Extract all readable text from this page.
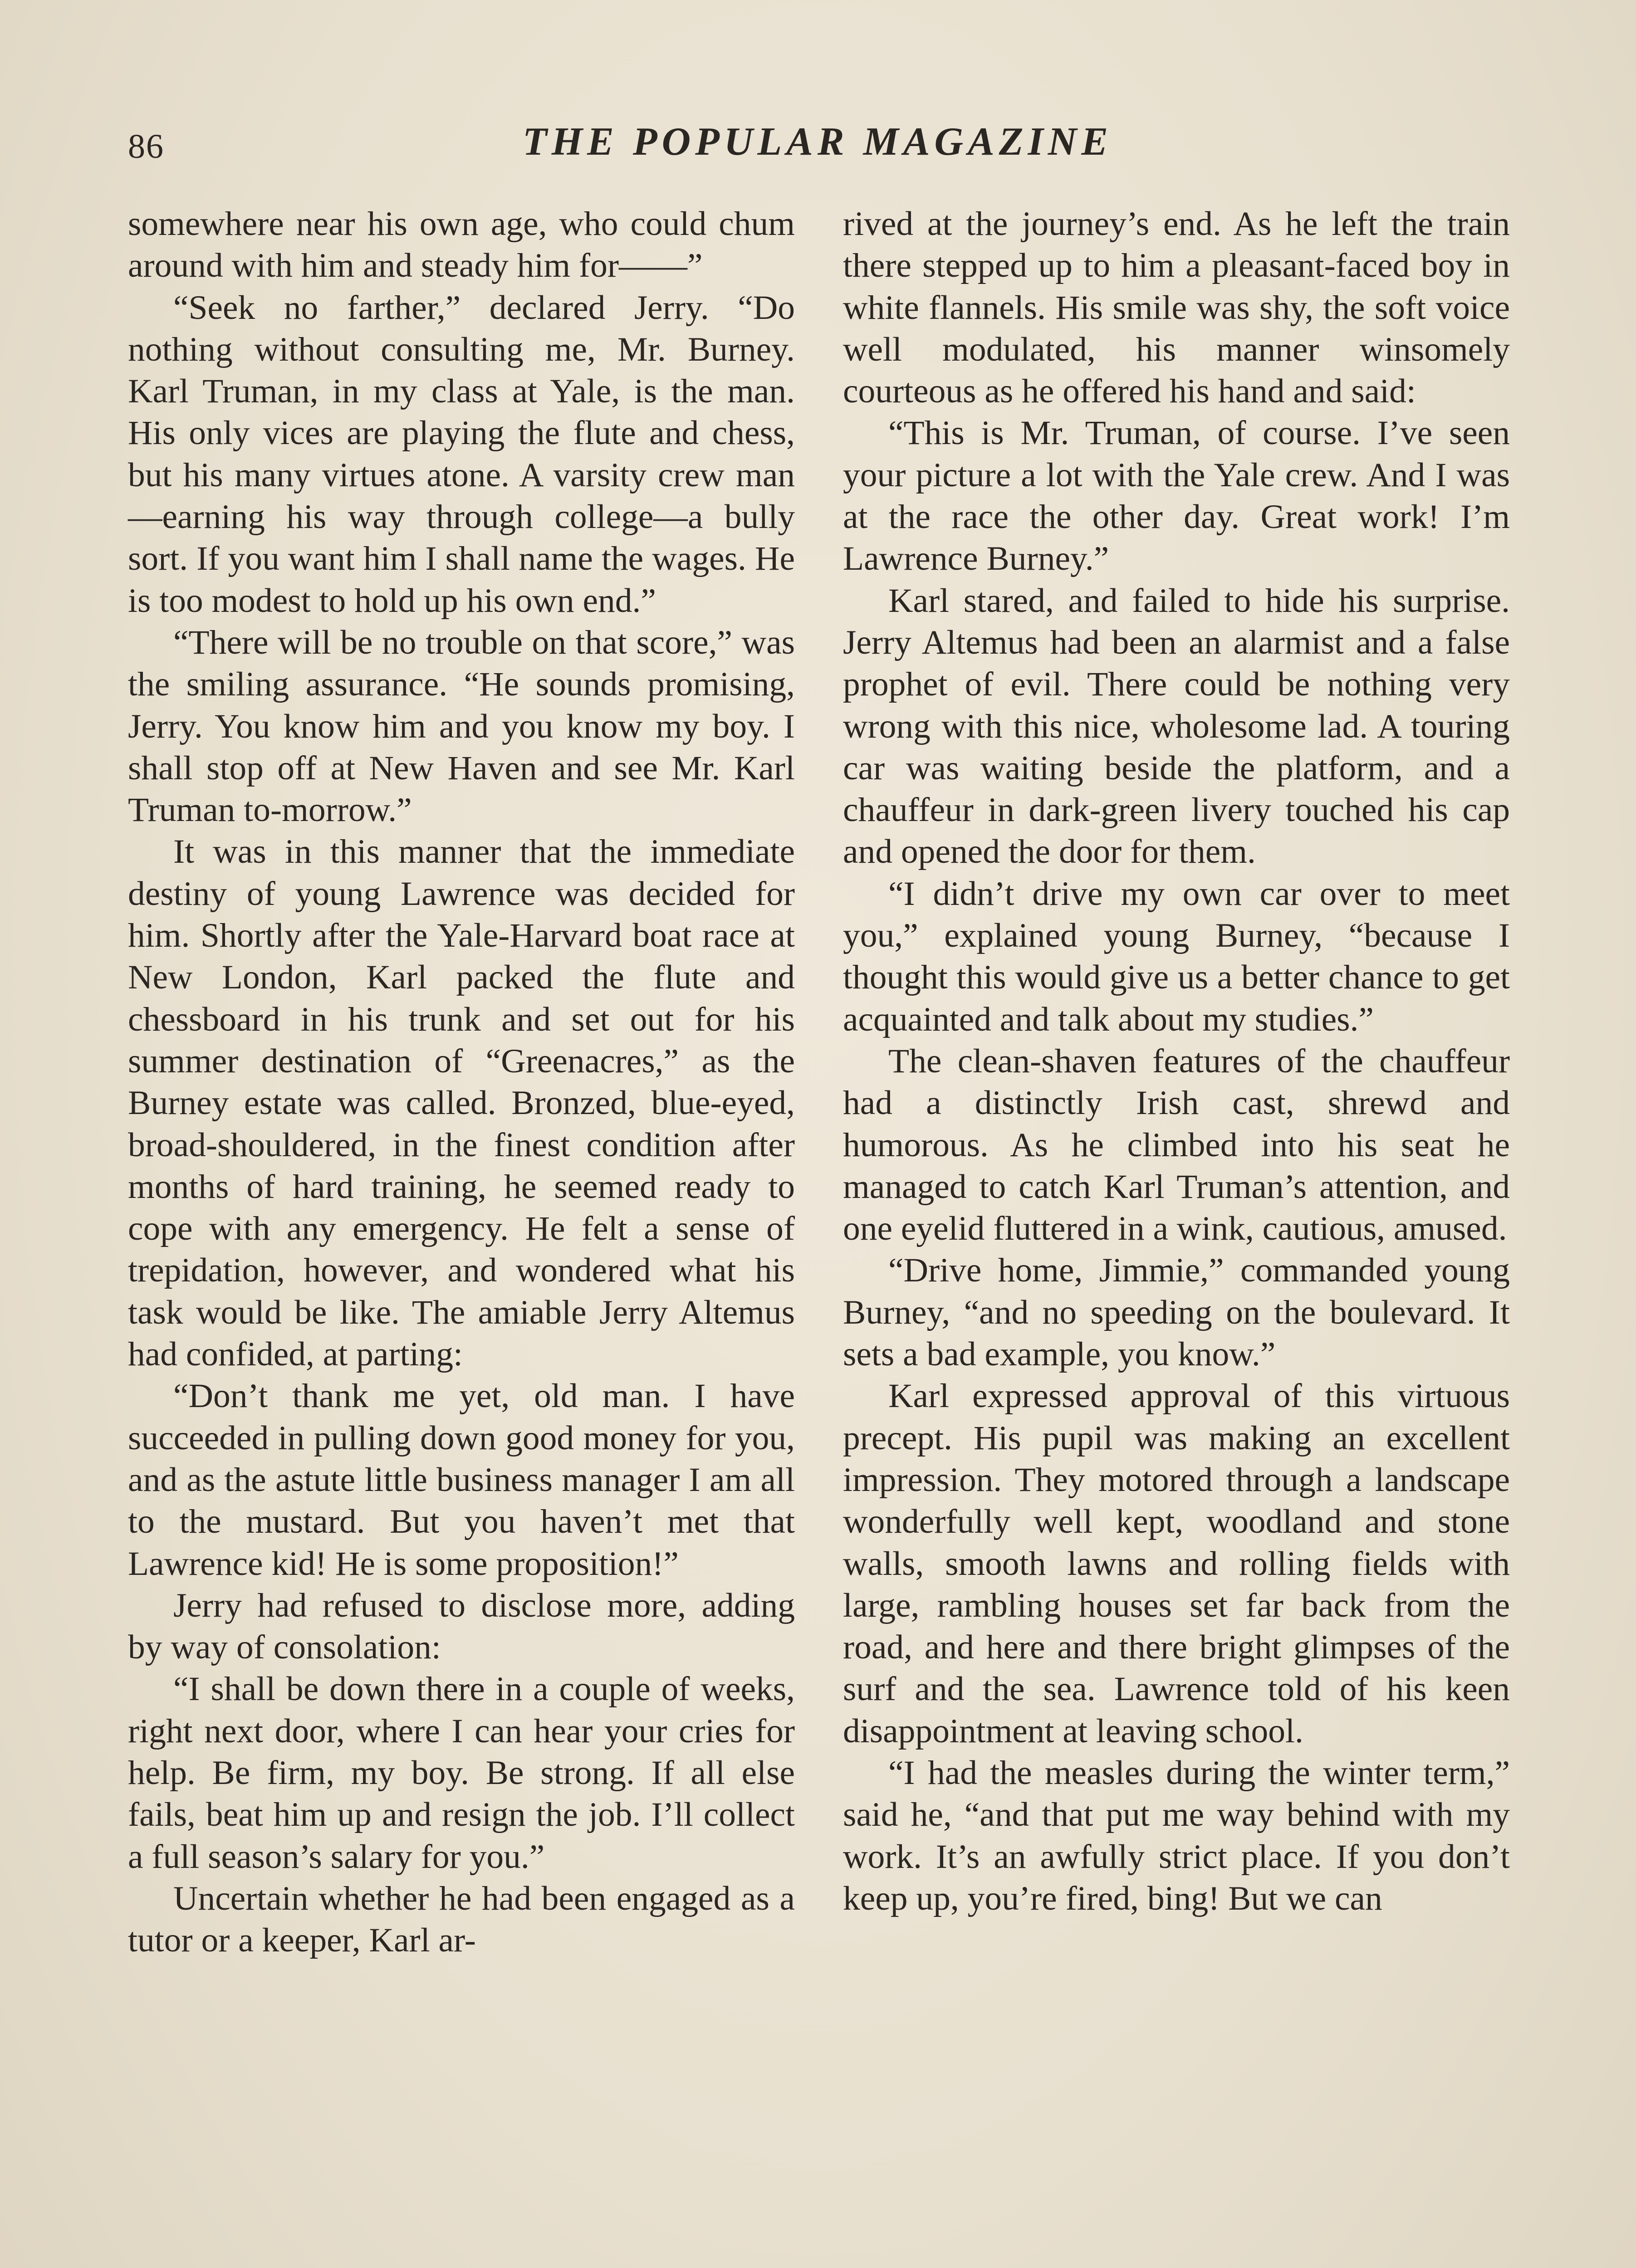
86	THE POPULAR MAGAZINE

somewhere near his own age, who could chum around with him and steady him for——”

“Seek no farther,” declared Jerry. “Do nothing without consulting me, Mr. Burney. Karl Truman, in my class at Yale, is the man. His only vices are playing the flute and chess, but his many virtues atone. A varsity crew man—earning his way through college—a bully sort. If you want him I shall name the wages. He is too modest to hold up his own end.”

“There will be no trouble on that score,” was the smiling assurance. “He sounds promising, Jerry. You know him and you know my boy. I shall stop off at New Haven and see Mr. Karl Truman to-morrow.”

It was in this manner that the immediate destiny of young Lawrence was decided for him. Shortly after the Yale-Harvard boat race at New London, Karl packed the flute and chessboard in his trunk and set out for his summer destination of “Greenacres,” as the Burney estate was called. Bronzed, blue-eyed, broad-shouldered, in the finest condition after months of hard training, he seemed ready to cope with any emergency. He felt a sense of trepidation, however, and wondered what his task would be like. The amiable Jerry Altemus had confided, at parting:

“Don’t thank me yet, old man. I have succeeded in pulling down good money for you, and as the astute little business manager I am all to the mustard. But you haven’t met that Lawrence kid! He is some proposition!”

Jerry had refused to disclose more, adding by way of consolation:

“I shall be down there in a couple of weeks, right next door, where I can hear your cries for help. Be firm, my boy. Be strong. If all else fails, beat him up and resign the job. I’ll collect a full season’s salary for you.”

Uncertain whether he had been engaged as a tutor or a keeper, Karl ar-

rived at the journey’s end. As he left the train there stepped up to him a pleasant-faced boy in white flannels. His smile was shy, the soft voice well modulated, his manner winsomely courteous as he offered his hand and said:

“This is Mr. Truman, of course. I’ve seen your picture a lot with the Yale crew. And I was at the race the other day. Great work! I’m Lawrence Burney.”

Karl stared, and failed to hide his surprise. Jerry Altemus had been an alarmist and a false prophet of evil. There could be nothing very wrong with this nice, wholesome lad. A touring car was waiting beside the platform, and a chauffeur in dark-green livery touched his cap and opened the door for them.

“I didn’t drive my own car over to meet you,” explained young Burney, “because I thought this would give us a better chance to get acquainted and talk about my studies.”

The clean-shaven features of the chauffeur had a distinctly Irish cast, shrewd and humorous. As he climbed into his seat he managed to catch Karl Truman’s attention, and one eyelid fluttered in a wink, cautious, amused.

“Drive home, Jimmie,” commanded young Burney, “and no speeding on the boulevard. It sets a bad example, you know.”

Karl expressed approval of this virtuous precept. His pupil was making an excellent impression. They motored through a landscape wonderfully well kept, woodland and stone walls, smooth lawns and rolling fields with large, rambling houses set far back from the road, and here and there bright glimpses of the surf and the sea. Lawrence told of his keen disappointment at leaving school.

“I had the measles during the winter term,” said he, “and that put me way behind with my work. It’s an awfully strict place. If you don’t keep up, you’re fired, bing! But we can
